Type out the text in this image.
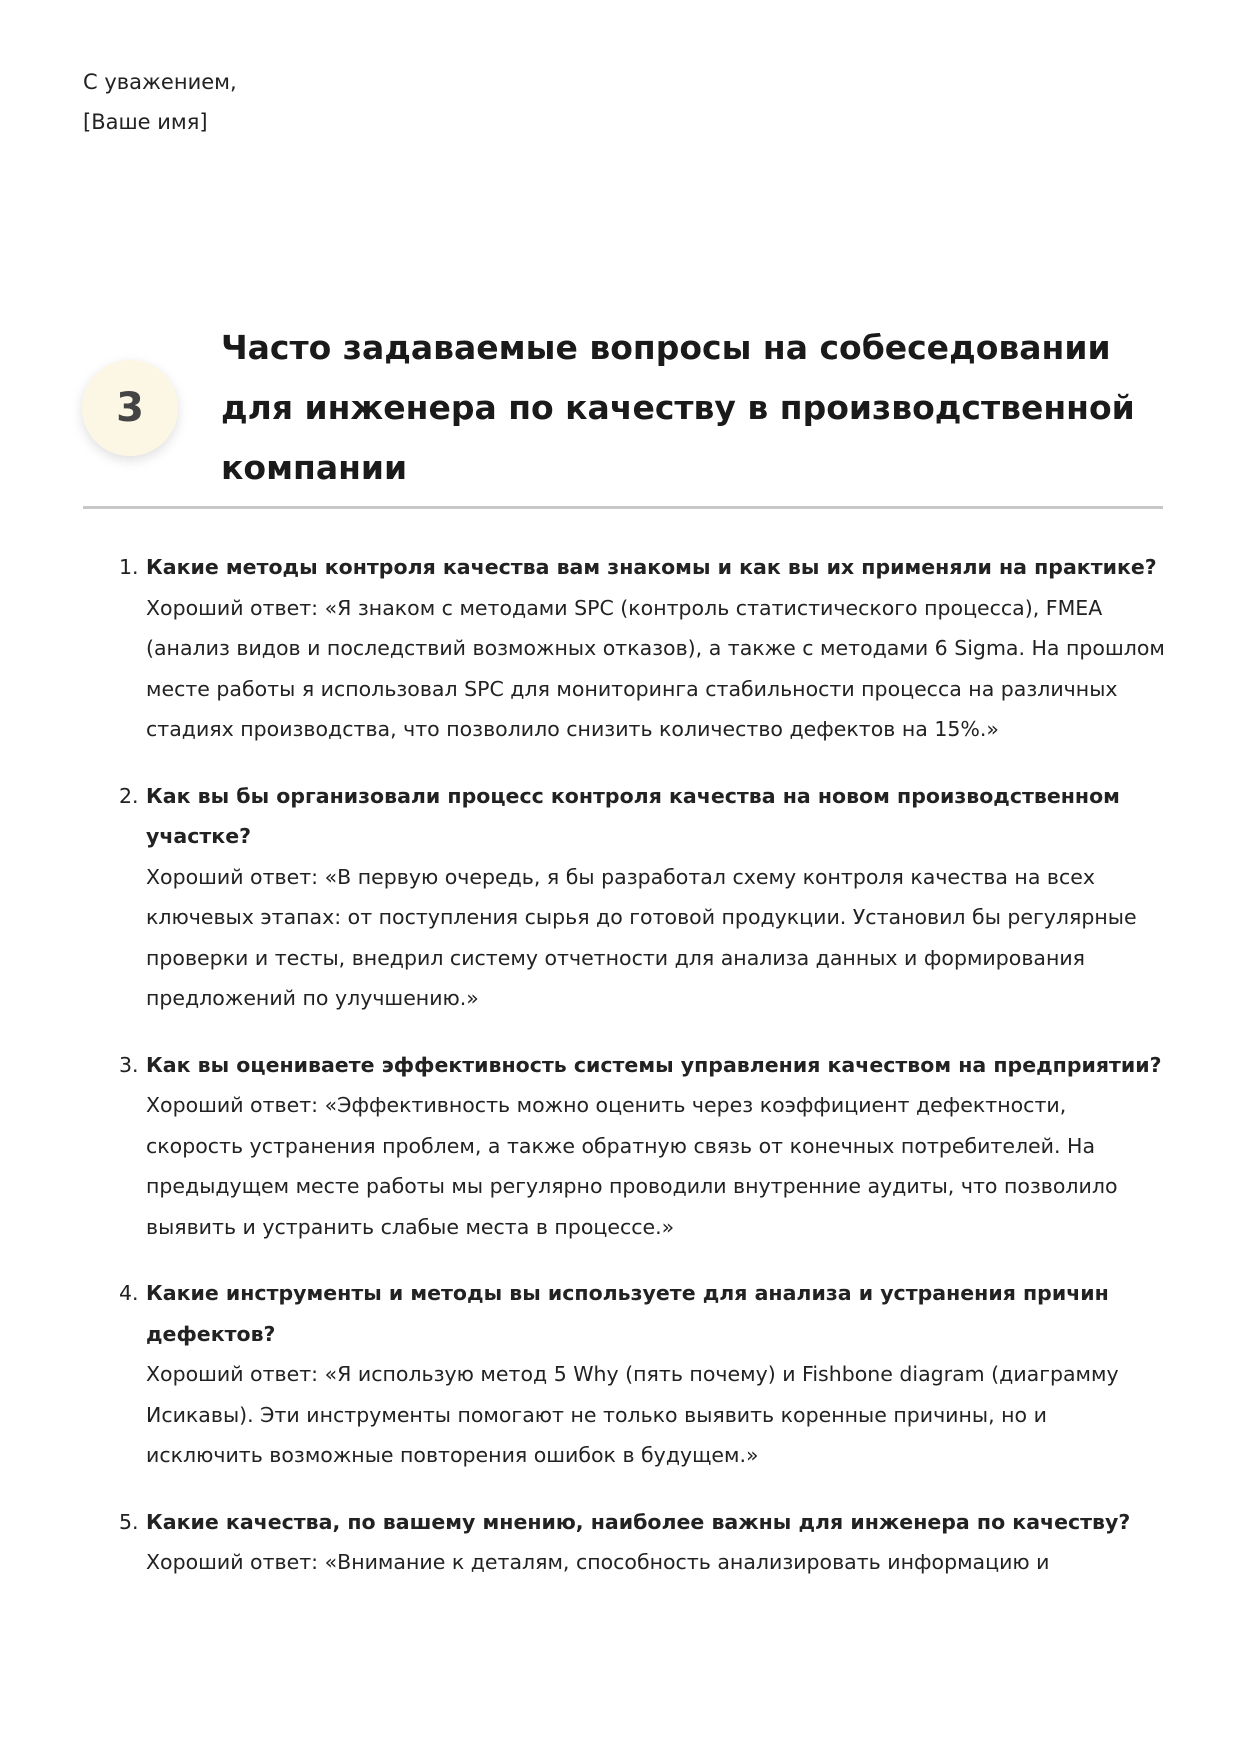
С уважением,
[Ваше имя]
3
Часто задаваемые вопросы на собеседовании для инженера по качеству в производственной компании
1. Какие методы контроля качества вам знакомы и как вы их применяли на практике?
Хороший ответ: «Я знаком с методами SPC (контроль статистического процесса), FMEA (анализ видов и последствий возможных отказов), а также с методами 6 Sigma. На прошлом месте работы я использовал SPC для мониторинга стабильности процесса на различных стадиях производства, что позволило снизить количество дефектов на 15%.»
2. Как вы бы организовали процесс контроля качества на новом производственном участке?
Хороший ответ: «В первую очередь, я бы разработал схему контроля качества на всех ключевых этапах: от поступления сырья до готовой продукции. Установил бы регулярные проверки и тесты, внедрил систему отчетности для анализа данных и формирования предложений по улучшению.»
3. Как вы оцениваете эффективность системы управления качеством на предприятии?
Хороший ответ: «Эффективность можно оценить через коэффициент дефектности, скорость устранения проблем, а также обратную связь от конечных потребителей. На предыдущем месте работы мы регулярно проводили внутренние аудиты, что позволило выявить и устранить слабые места в процессе.»
4. Какие инструменты и методы вы используете для анализа и устранения причин дефектов?
Хороший ответ: «Я использую метод 5 Why (пять почему) и Fishbone diagram (диаграмму Исикавы). Эти инструменты помогают не только выявить коренные причины, но и исключить возможные повторения ошибок в будущем.»
5. Какие качества, по вашему мнению, наиболее важны для инженера по качеству?
Хороший ответ: «Внимание к деталям, способность анализировать информацию и
